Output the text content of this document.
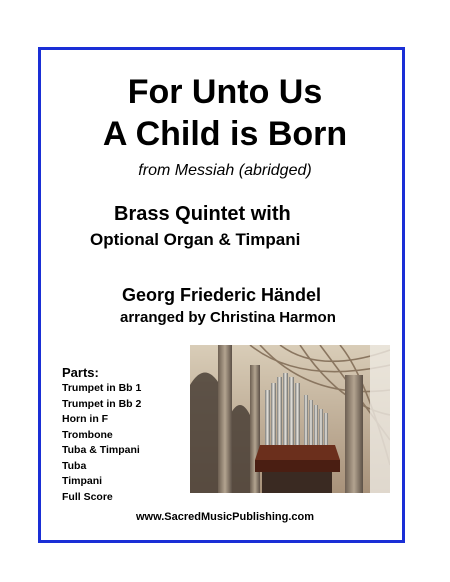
For Unto Us
A Child is Born
from Messiah (abridged)
Brass Quintet with
Optional Organ & Timpani
Georg Friederic Händel
arranged by Christina Harmon
Parts:
Trumpet in Bb 1
Trumpet in Bb 2
Horn in F
Trombone
Tuba & Timpani
Tuba
Timpani
Full Score
www.SacredMusicPublishing.com
